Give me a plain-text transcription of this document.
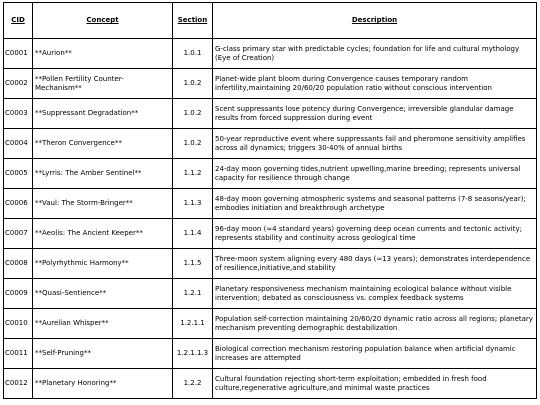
CID	Concept	Section	Description
C0001	**Aurion**	1.0.1	G-class primary star with predictable cycles; foundation for life and cultural mythology (Eye of Creation)
C0002	**Pollen Fertility Counter-Mechanism**	1.0.2	Planet-wide plant bloom during Convergence causes temporary random infertility,maintaining 20/60/20 population ratio without conscious intervention
C0003	**Suppressant Degradation**	1.0.2	Scent suppressants lose potency during Convergence; irreversible glandular damage results from forced suppression during event
C0004	**Theron Convergence**	1.0.2	50-year reproductive event where suppressants fail and pheromone sensitivity amplifies across all dynamics; triggers 30-40% of annual births
C0005	**Lyrris: The Amber Sentinel**	1.1.2	24-day moon governing tides,nutrient upwelling,marine breeding; represents universal capacity for resilience through change
C0006	**Vaul: The Storm-Bringer**	1.1.3	48-day moon governing atmospheric systems and seasonal patterns (7-8 seasons/year); embodies initiation and breakthrough archetype
C0007	**Aeolis: The Ancient Keeper**	1.1.4	96-day moon (≈4 standard years) governing deep ocean currents and tectonic activity; represents stability and continuity across geological time
C0008	**Polyrhythmic Harmony**	1.1.5	Three-moon system aligning every 480 days (≈13 years); demonstrates interdependence of resilience,initiative,and stability
C0009	**Quasi-Sentience**	1.2.1	Planetary responsiveness mechanism maintaining ecological balance without visible intervention; debated as consciousness vs. complex feedback systems
C0010	**Aurelian Whisper**	1.2.1.1	Population self-correction maintaining 20/60/20 dynamic ratio across all regions; planetary mechanism preventing demographic destabilization
C0011	**Self-Pruning**	1.2.1.1.3	Biological correction mechanism restoring population balance when artificial dynamic increases are attempted
C0012	**Planetary Honoring**	1.2.2	Cultural foundation rejecting short-term exploitation; embedded in fresh food culture,regenerative agriculture,and minimal waste practices
